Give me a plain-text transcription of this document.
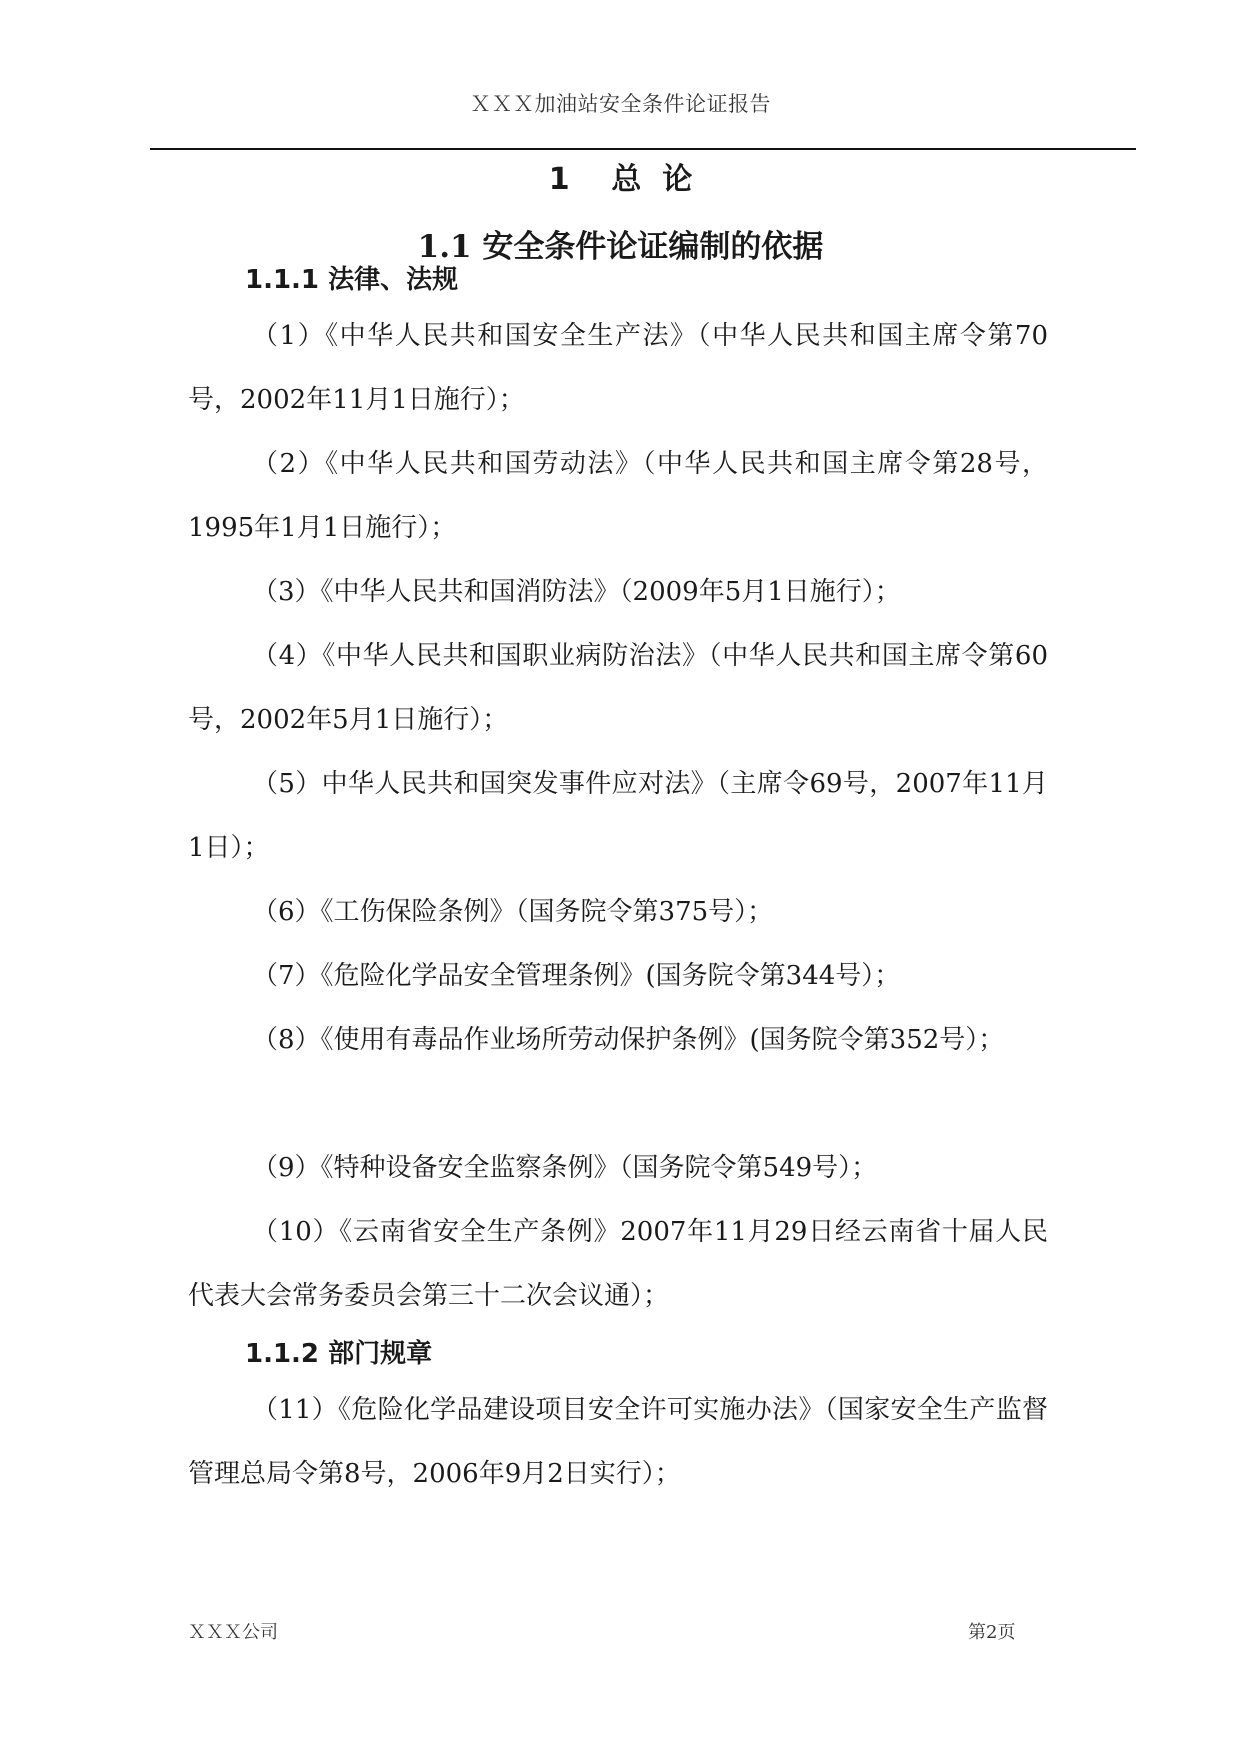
ＸＸＸ加油站安全条件论证报告
1    总  论
1.1 安全条件论证编制的依据
1.1.1 法律、法规
（1）《中华人民共和国安全生产法》（中华人民共和国主席令第70号，2002年11月1日施行）；
（2）《中华人民共和国劳动法》（中华人民共和国主席令第28号，1995年1月1日施行）；
（3）《中华人民共和国消防法》（2009年5月1日施行）；
（4）《中华人民共和国职业病防治法》（中华人民共和国主席令第60号，2002年5月1日施行）；
（5）中华人民共和国突发事件应对法》（主席令69号，2007年11月1日）；
（6）《工伤保险条例》（国务院令第375号）；
（7）《危险化学品安全管理条例》(国务院令第344号）；
（8）《使用有毒品作业场所劳动保护条例》(国务院令第352号）；
（9）《特种设备安全监察条例》（国务院令第549号）；
（10）《云南省安全生产条例》2007年11月29日经云南省十届人民代表大会常务委员会第三十二次会议通）；
1.1.2 部门规章
（11）《危险化学品建设项目安全许可实施办法》（国家安全生产监督管理总局令第8号，2006年9月2日实行）；
ＸＸＸ公司	第2页
